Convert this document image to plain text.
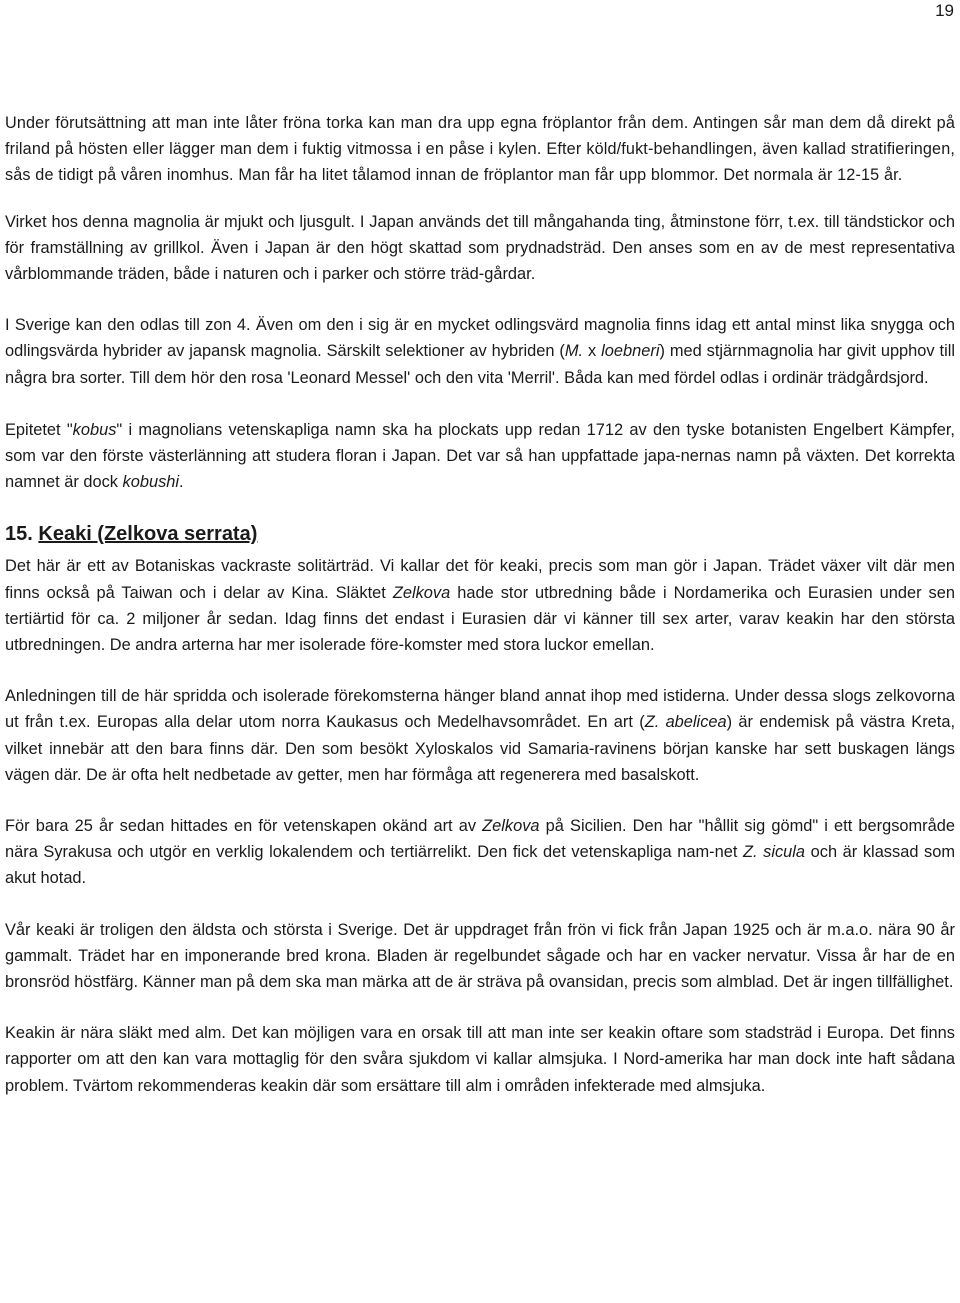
19

Under förutsättning att man inte låter fröna torka kan man dra upp egna fröplantor från dem. Antingen sår man dem då direkt på friland på hösten eller lägger man dem i fuktig vitmossa i en påse i kylen. Efter köld/fukt-behandlingen, även kallad stratifieringen, sås de tidigt på våren inomhus. Man får ha litet tålamod innan de fröplantor man får upp blommor. Det normala är 12-15 år.

Virket hos denna magnolia är mjukt och ljusgult. I Japan används det till mångahanda ting, åtminstone förr, t.ex. till tändstickor och för framställning av grillkol. Även i Japan är den högt skattad som prydnadsträd. Den anses som en av de mest representativa vårblommande träden, både i naturen och i parker och större träd-gårdar.

I Sverige kan den odlas till zon 4. Även om den i sig är en mycket odlingsvärd magnolia finns idag ett antal minst lika snygga och odlingsvärda hybrider av japansk magnolia. Särskilt selektioner av hybriden (M. x loebneri) med stjärnmagnolia har givit upphov till några bra sorter. Till dem hör den rosa 'Leonard Messel' och den vita 'Merril'. Båda kan med fördel odlas i ordinär trädgårdsjord.

Epitetet "kobus" i magnolians vetenskapliga namn ska ha plockats upp redan 1712 av den tyske botanisten Engelbert Kämpfer, som var den förste västerlänning att studera floran i Japan. Det var så han uppfattade japa-nernas namn på växten. Det korrekta namnet är dock kobushi.

15. Keaki (Zelkova serrata)

Det här är ett av Botaniskas vackraste solitärträd. Vi kallar det för keaki, precis som man gör i Japan. Trädet växer vilt där men finns också på Taiwan och i delar av Kina. Släktet Zelkova hade stor utbredning både i Nordamerika och Eurasien under sen tertiärtid för ca. 2 miljoner år sedan. Idag finns det endast i Eurasien där vi känner till sex arter, varav keakin har den största utbredningen. De andra arterna har mer isolerade före-komster med stora luckor emellan.

Anledningen till de här spridda och isolerade förekomsterna hänger bland annat ihop med istiderna. Under dessa slogs zelkovorna ut från t.ex. Europas alla delar utom norra Kaukasus och Medelhavsområdet. En art (Z. abelicea) är endemisk på västra Kreta, vilket innebär att den bara finns där. Den som besökt Xyloskalos vid Samaria-ravinens början kanske har sett buskagen längs vägen där. De är ofta helt nedbetade av getter, men har förmåga att regenerera med basalskott.

För bara 25 år sedan hittades en för vetenskapen okänd art av Zelkova på Sicilien. Den har "hållit sig gömd" i ett bergsområde nära Syrakusa och utgör en verklig lokalendem och tertiärrelikt. Den fick det vetenskapliga nam-net Z. sicula och är klassad som akut hotad.

Vår keaki är troligen den äldsta och största i Sverige. Det är uppdraget från frön vi fick från Japan 1925 och är m.a.o. nära 90 år gammalt. Trädet har en imponerande bred krona. Bladen är regelbundet sågade och har en vacker nervatur. Vissa år har de en bronsröd höstfärg. Känner man på dem ska man märka att de är sträva på ovansidan, precis som almblad. Det är ingen tillfällighet.

Keakin är nära släkt med alm. Det kan möjligen vara en orsak till att man inte ser keakin oftare som stadsträd i Europa. Det finns rapporter om att den kan vara mottaglig för den svåra sjukdom vi kallar almsjuka. I Nord-amerika har man dock inte haft sådana problem. Tvärtom rekommenderas keakin där som ersättare till alm i områden infekterade med almsjuka.
